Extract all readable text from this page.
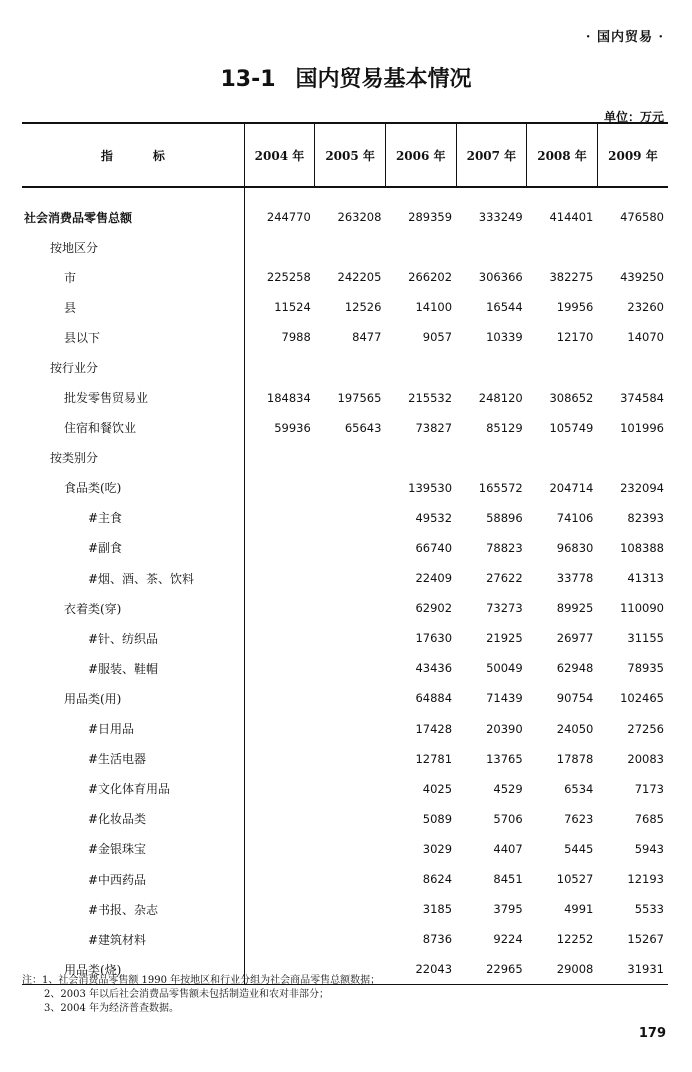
· 国内贸易 ·
13-1 国内贸易基本情况
单位：万元
指标	2004 年	2005 年	2006 年	2007 年	2008 年	2009 年
社会消费品零售总额	244770	263208	289359	333249	414401	476580
按地区分						
市	225258	242205	266202	306366	382275	439250
县	11524	12526	14100	16544	19956	23260
县以下	7988	8477	9057	10339	12170	14070
按行业分						
批发零售贸易业	184834	197565	215532	248120	308652	374584
住宿和餐饮业	59936	65643	73827	85129	105749	101996
按类别分						
食品类(吃)			139530	165572	204714	232094
#主食			49532	58896	74106	82393
#副食			66740	78823	96830	108388
#烟、酒、茶、饮料			22409	27622	33778	41313
衣着类(穿)			62902	73273	89925	110090
#针、纺织品			17630	21925	26977	31155
#服装、鞋帽			43436	50049	62948	78935
用品类(用)			64884	71439	90754	102465
#日用品			17428	20390	24050	27256
#生活电器			12781	13765	17878	20083
#文化体育用品			4025	4529	6534	7173
#化妆品类			5089	5706	7623	7685
#金银珠宝			3029	4407	5445	5943
#中西药品			8624	8451	10527	12193
#书报、杂志			3185	3795	4991	5533
#建筑材料			8736	9224	12252	15267
用品类(烧)			22043	22965	29008	31931
注：1、社会消费品零售额 1990 年按地区和行业分组为社会商品零售总额数据；
2、2003 年以后社会消费品零售额未包括制造业和农对非部分；
3、2004 年为经济普查数据。
179
